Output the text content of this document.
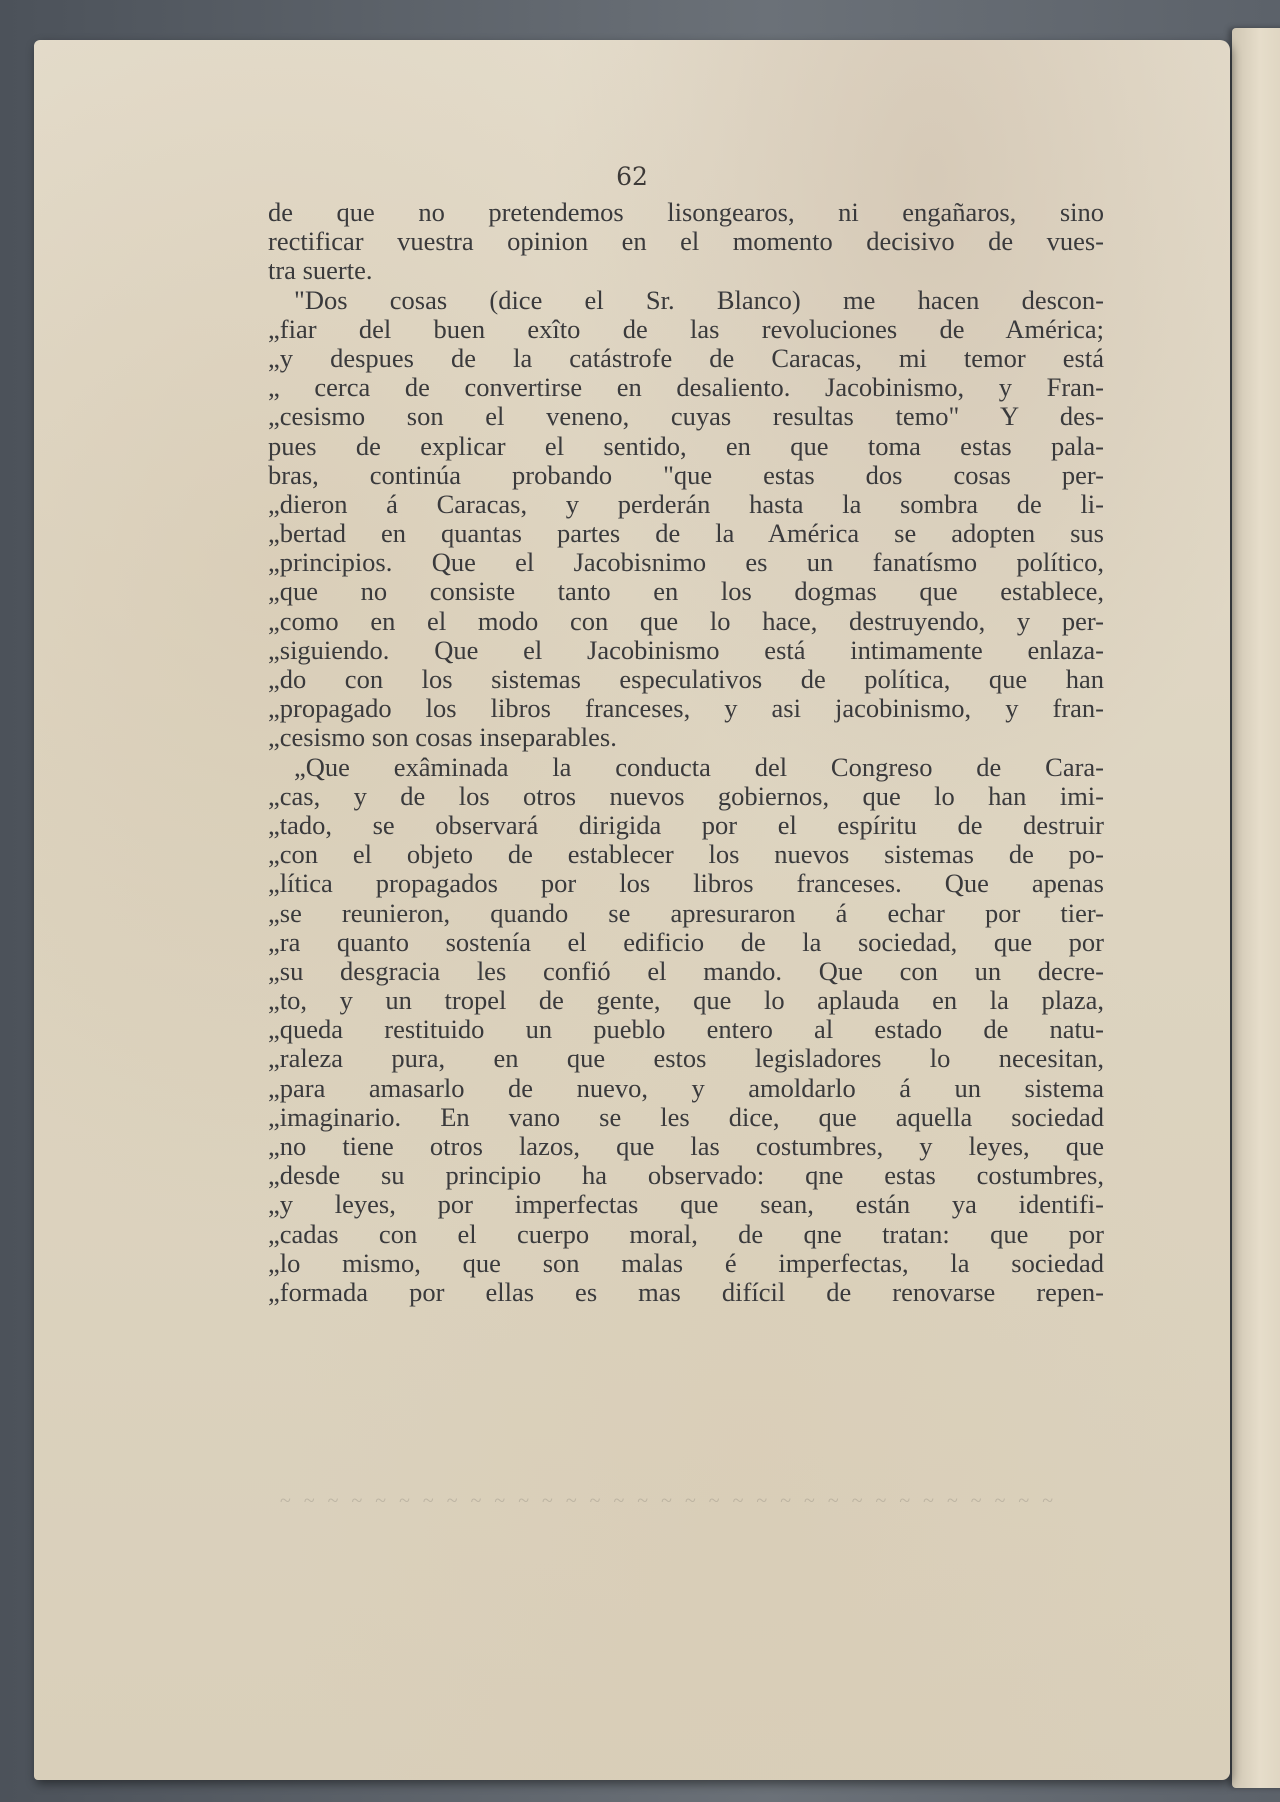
62

de que no pretendemos lisongearos, ni engañaros, sino
rectificar vuestra opinion en el momento decisivo de vues-
tra suerte.
"Dos cosas (dice el Sr. Blanco) me hacen descon-
„fiar del buen exîto de las revoluciones de América;
„y despues de la catástrofe de Caracas, mi temor está
„ cerca de convertirse en desaliento. Jacobinismo, y Fran-
„cesismo son el veneno, cuyas resultas temo" Y des-
pues de explicar el sentido, en que toma estas pala-
bras, continúa probando "que estas dos cosas per-
„dieron á Caracas, y perderán hasta la sombra de li-
„bertad en quantas partes de la América se adopten sus
„principios. Que el Jacobisnimo es un fanatísmo político,
„que no consiste tanto en los dogmas que establece,
„como en el modo con que lo hace, destruyendo, y per-
„siguiendo. Que el Jacobinismo está intimamente enlaza-
„do con los sistemas especulativos de política, que han
„propagado los libros franceses, y asi jacobinismo, y fran-
„cesismo son cosas inseparables.
„Que exâminada la conducta del Congreso de Cara-
„cas, y de los otros nuevos gobiernos, que lo han imi-
„tado, se observará dirigida por el espíritu de destruir
„con el objeto de establecer los nuevos sistemas de po-
„lítica propagados por los libros franceses. Que apenas
„se reunieron, quando se apresuraron á echar por tier-
„ra quanto sostenía el edificio de la sociedad, que por
„su desgracia les confió el mando. Que con un decre-
„to, y un tropel de gente, que lo aplauda en la plaza,
„queda restituido un pueblo entero al estado de natu-
„raleza pura, en que estos legisladores lo necesitan,
„para amasarlo de nuevo, y amoldarlo á un sistema
„imaginario. En vano se les dice, que aquella sociedad
„no tiene otros lazos, que las costumbres, y leyes, que
„desde su principio ha observado: qne estas costumbres,
„y leyes, por imperfectas que sean, están ya identifi-
„cadas con el cuerpo moral, de qne tratan: que por
„lo mismo, que son malas é imperfectas, la sociedad
„formada por ellas es mas difícil de renovarse repen-
~ ~ ~ ~ ~ ~ ~ ~ ~ ~ ~ ~ ~ ~ ~ ~ ~ ~ ~ ~ ~ ~ ~ ~ ~ ~ ~ ~ ~ ~ ~ ~ ~
